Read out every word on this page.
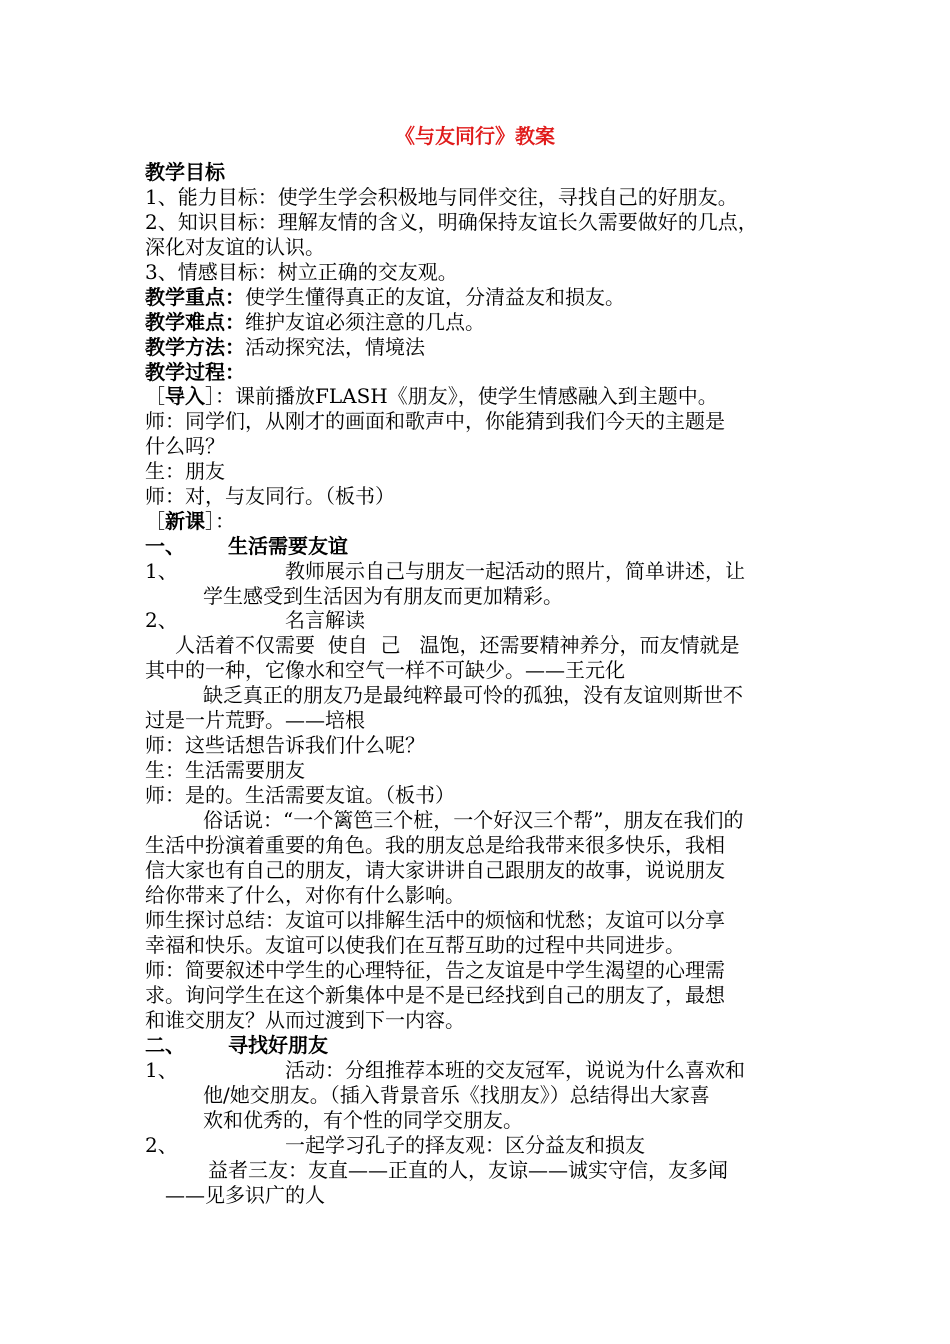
《与友同行》教案
教学目标
1、能力目标：使学生学会积极地与同伴交往，寻找自己的好朋友。
2、知识目标：理解友情的含义，明确保持友谊长久需要做好的几点，
深化对友谊的认识。
3、情感目标：树立正确的交友观。
教学重点：使学生懂得真正的友谊，分清益友和损友。
教学难点：维护友谊必须注意的几点。
教学方法：活动探究法，情境法
教学过程：
［导入］：课前播放FLASH《朋友》，使学生情感融入到主题中。
师：同学们，从刚才的画面和歌声中，你能猜到我们今天的主题是
什么吗？
生：朋友
师：对，与友同行。（板书）
［新课］：
一、	生活需要友谊
1、	教师展示自己与朋友一起活动的照片，简单讲述，让
学生感受到生活因为有朋友而更加精彩。
2、	名言解读
人活着不仅需要  使自  己   温饱，还需要精神养分，而友情就是
其中的一种，它像水和空气一样不可缺少。——王元化
缺乏真正的朋友乃是最纯粹最可怜的孤独，没有友谊则斯世不
过是一片荒野。——培根
师：这些话想告诉我们什么呢？
生：生活需要朋友
师：是的。生活需要友谊。（板书）
俗话说：“一个篱笆三个桩，一个好汉三个帮”，朋友在我们的
生活中扮演着重要的角色。我的朋友总是给我带来很多快乐，我相
信大家也有自己的朋友，请大家讲讲自己跟朋友的故事，说说朋友
给你带来了什么，对你有什么影响。
师生探讨总结：友谊可以排解生活中的烦恼和忧愁；友谊可以分享
幸福和快乐。友谊可以使我们在互帮互助的过程中共同进步。
师：简要叙述中学生的心理特征，告之友谊是中学生渴望的心理需
求。询问学生在这个新集体中是不是已经找到自己的朋友了，最想
和谁交朋友？从而过渡到下一内容。
二、	寻找好朋友
1、	活动：分组推荐本班的交友冠军，说说为什么喜欢和
他/她交朋友。（插入背景音乐《找朋友》）总结得出大家喜
欢和优秀的，有个性的同学交朋友。
2、	一起学习孔子的择友观：区分益友和损友
益者三友：友直——正直的人，友谅——诚实守信，友多闻
——见多识广的人
